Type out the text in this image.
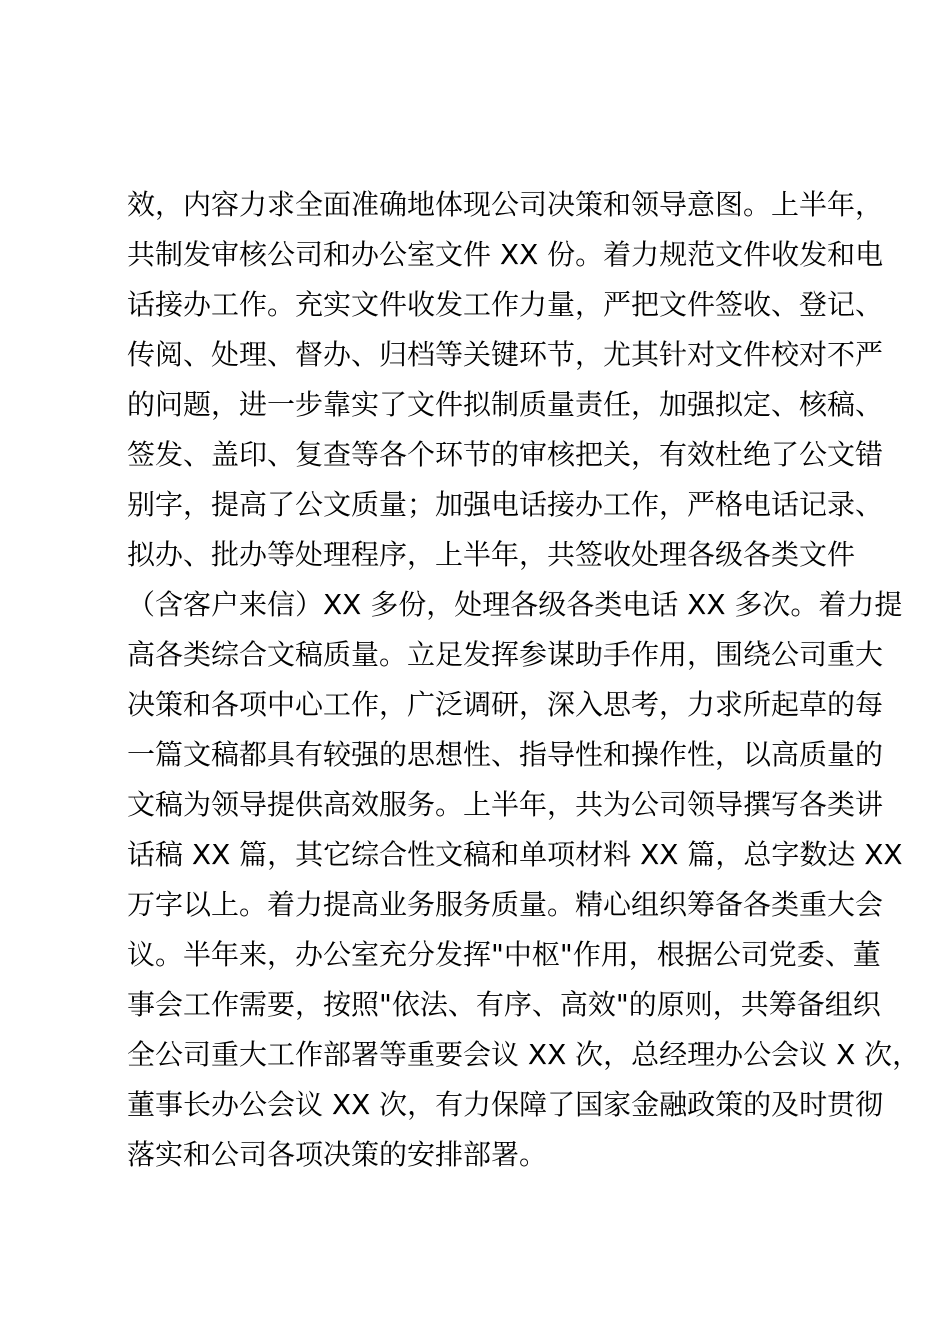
效，内容力求全面准确地体现公司决策和领导意图。上半年，
共制发审核公司和办公室文件 XX 份。着力规范文件收发和电
话接办工作。充实文件收发工作力量，严把文件签收、登记、
传阅、处理、督办、归档等关键环节，尤其针对文件校对不严
的问题，进一步靠实了文件拟制质量责任，加强拟定、核稿、
签发、盖印、复查等各个环节的审核把关，有效杜绝了公文错
别字，提高了公文质量；加强电话接办工作，严格电话记录、
拟办、批办等处理程序，上半年，共签收处理各级各类文件
（含客户来信）XX 多份，处理各级各类电话 XX 多次。着力提
高各类综合文稿质量。立足发挥参谋助手作用，围绕公司重大
决策和各项中心工作，广泛调研，深入思考，力求所起草的每
一篇文稿都具有较强的思想性、指导性和操作性，以高质量的
文稿为领导提供高效服务。上半年，共为公司领导撰写各类讲
话稿 XX 篇，其它综合性文稿和单项材料 XX 篇，总字数达 XX
万字以上。着力提高业务服务质量。精心组织筹备各类重大会
议。半年来，办公室充分发挥"中枢"作用，根据公司党委、董
事会工作需要，按照"依法、有序、高效"的原则，共筹备组织
全公司重大工作部署等重要会议 XX 次，总经理办公会议 X 次，
董事长办公会议 XX 次，有力保障了国家金融政策的及时贯彻
落实和公司各项决策的安排部署。
